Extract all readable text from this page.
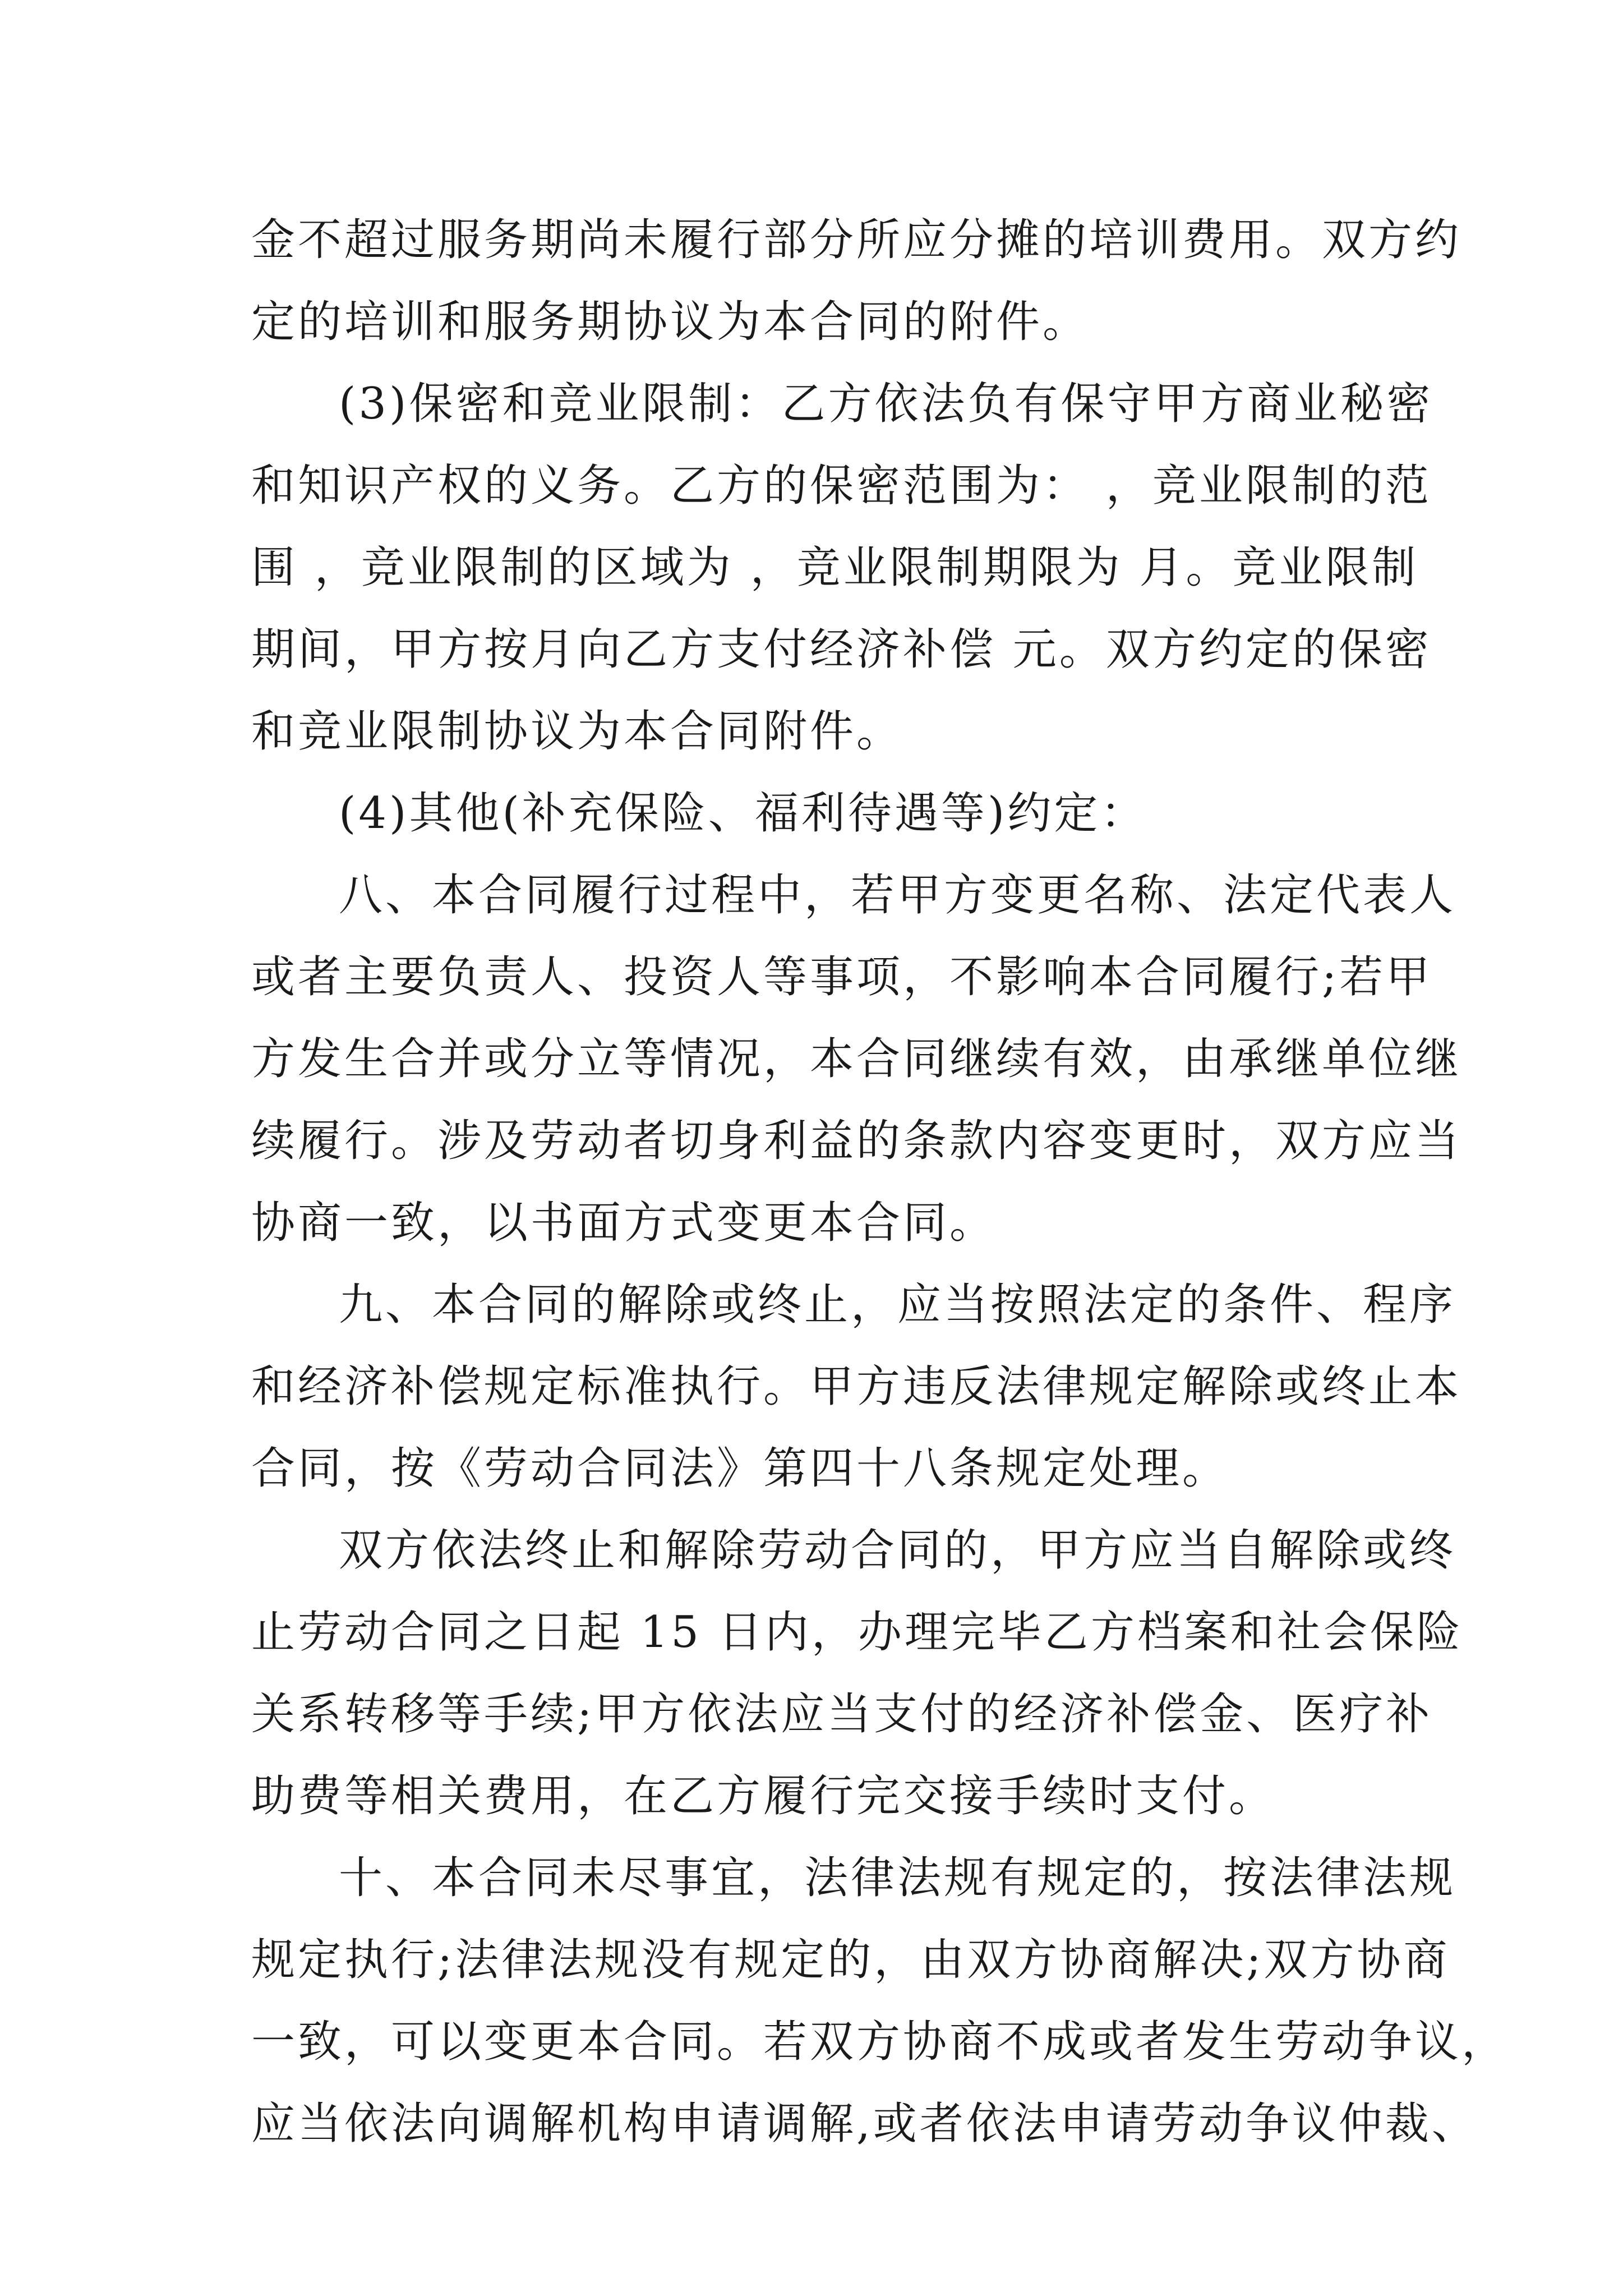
金不超过服务期尚未履行部分所应分摊的培训费用。双方约
定的培训和服务期协议为本合同的附件。
(3)保密和竞业限制：乙方依法负有保守甲方商业秘密
和知识产权的义务。乙方的保密范围为： ，竞业限制的范
围 ，竞业限制的区域为 ，竞业限制期限为 月。竞业限制
期间，甲方按月向乙方支付经济补偿 元。双方约定的保密
和竞业限制协议为本合同附件。
(4)其他(补充保险、福利待遇等)约定：
八、本合同履行过程中，若甲方变更名称、法定代表人
或者主要负责人、投资人等事项，不影响本合同履行;若甲
方发生合并或分立等情况，本合同继续有效，由承继单位继
续履行。涉及劳动者切身利益的条款内容变更时，双方应当
协商一致，以书面方式变更本合同。
九、本合同的解除或终止，应当按照法定的条件、程序
和经济补偿规定标准执行。甲方违反法律规定解除或终止本
合同，按《劳动合同法》第四十八条规定处理。
双方依法终止和解除劳动合同的，甲方应当自解除或终
止劳动合同之日起 15 日内，办理完毕乙方档案和社会保险
关系转移等手续;甲方依法应当支付的经济补偿金、医疗补
助费等相关费用，在乙方履行完交接手续时支付。
十、本合同未尽事宜，法律法规有规定的，按法律法规
规定执行;法律法规没有规定的，由双方协商解决;双方协商
一致，可以变更本合同。若双方协商不成或者发生劳动争议，
应当依法向调解机构申请调解,或者依法申请劳动争议仲裁、
